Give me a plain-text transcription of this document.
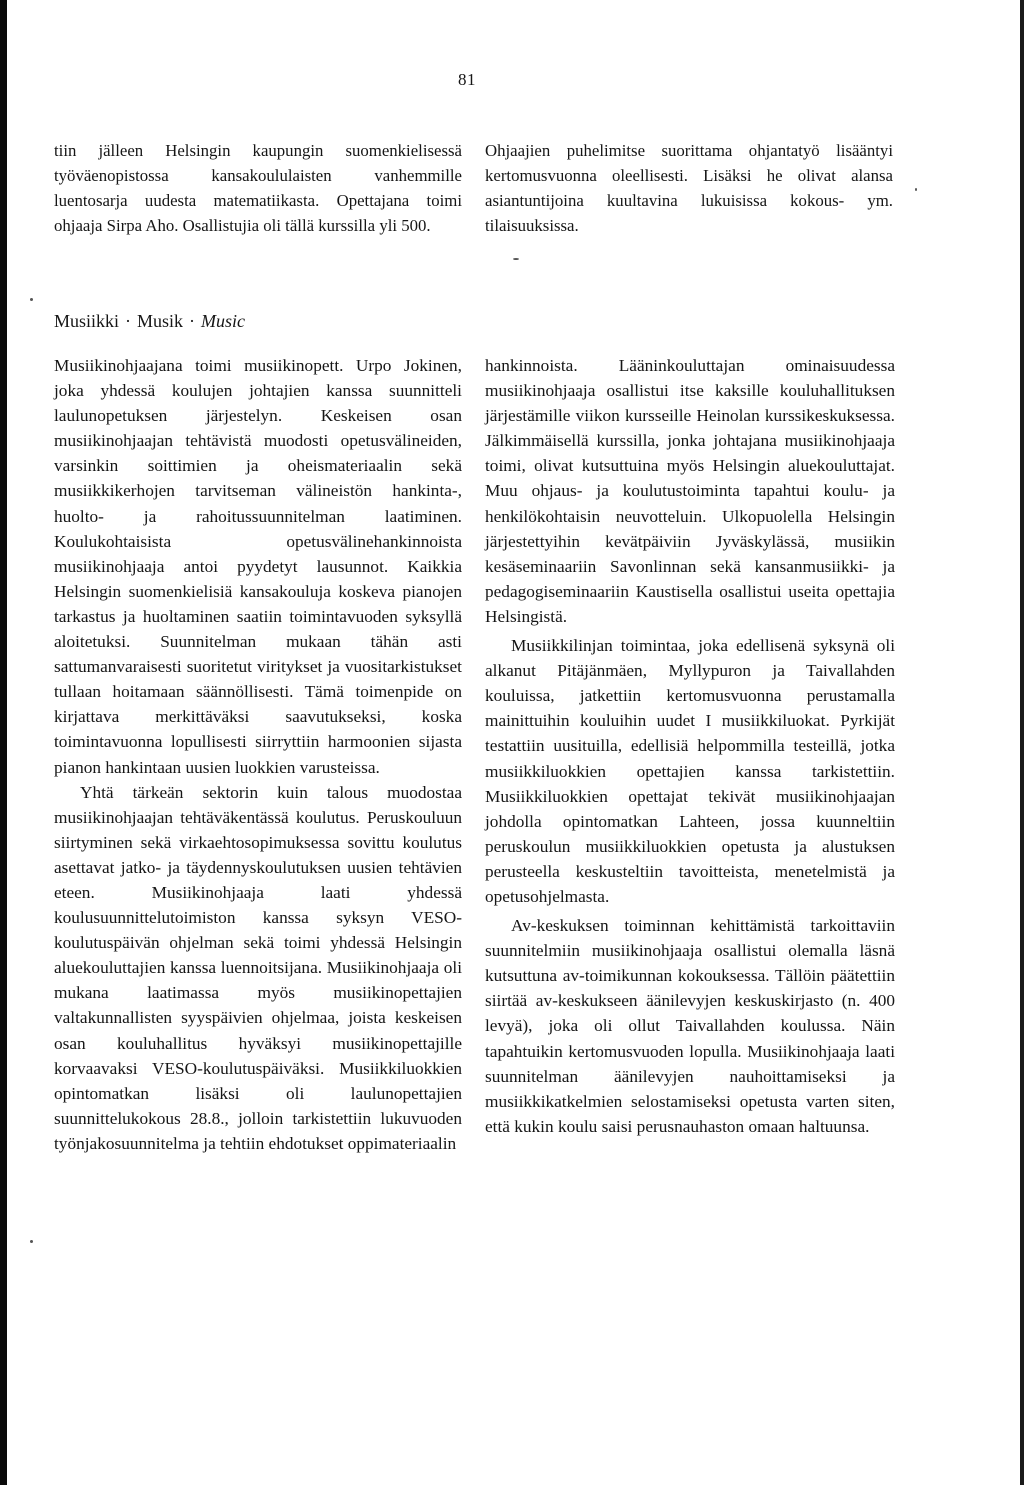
81

tiin jälleen Helsingin kaupungin suomenkielisessä työväenopistossa kansakoululaisten vanhemmille luentosarja uudesta matematiikasta. Opettajana toimi ohjaaja Sirpa Aho. Osallistujia oli tällä kurssilla yli 500.

Ohjaajien puhelimitse suorittama ohjantatyö lisääntyi kertomusvuonna oleellisesti. Lisäksi he olivat alansa asiantuntijoina kuultavina lukuisissa kokous- ym. tilaisuuksissa.

Musiikki · Musik · Music

Musiikinohjaajana toimi musiikinopett. Urpo Jokinen, joka yhdessä koulujen johtajien kanssa suunnitteli laulunopetuksen järjestelyn. Keskeisen osan musiikinohjaajan tehtävistä muodosti opetusvälineiden, varsinkin soittimien ja oheismateriaalin sekä musiikkikerhojen tarvitseman välineistön hankinta-, huolto- ja rahoitussuunnitelman laatiminen. Koulukohtaisista opetusvälinehankinnoista musiikinohjaaja antoi pyydetyt lausunnot. Kaikkia Helsingin suomenkielisiä kansakouluja koskeva pianojen tarkastus ja huoltaminen saatiin toimintavuoden syksyllä aloitetuksi. Suunnitelman mukaan tähän asti sattumanvaraisesti suoritetut viritykset ja vuositarkistukset tullaan hoitamaan säännöllisesti. Tämä toimenpide on kirjattava merkittäväksi saavutukseksi, koska toimintavuonna lopullisesti siirryttiin harmoonien sijasta pianon hankintaan uusien luokkien varusteissa.

Yhtä tärkeän sektorin kuin talous muodostaa musiikinohjaajan tehtäväkentässä koulutus. Peruskouluun siirtyminen sekä virkaehtosopimuksessa sovittu koulutus asettavat jatko- ja täydennyskoulutuksen uusien tehtävien eteen. Musiikinohjaaja laati yhdessä koulusuunnittelutoimiston kanssa syksyn VESO-koulutuspäivän ohjelman sekä toimi yhdessä Helsingin aluekouluttajien kanssa luennoitsijana. Musiikinohjaaja oli mukana laatimassa myös musiikinopettajien valtakunnallisten syyspäivien ohjelmaa, joista keskeisen osan kouluhallitus hyväksyi musiikinopettajille korvaavaksi VESO-koulutuspäiväksi. Musiikkiluokkien opintomatkan lisäksi oli laulunopettajien suunnittelukokous 28.8., jolloin tarkistettiin lukuvuoden työnjakosuunnitelma ja tehtiin ehdotukset oppimateriaalin

hankinnoista. Lääninkouluttajan ominaisuudessa musiikinohjaaja osallistui itse kaksille kouluhallituksen järjestämille viikon kursseille Heinolan kurssikeskuksessa. Jälkimmäisellä kurssilla, jonka johtajana musiikinohjaaja toimi, olivat kutsuttuina myös Helsingin aluekouluttajat. Muu ohjaus- ja koulutustoiminta tapahtui koulu- ja henkilökohtaisin neuvotteluin. Ulkopuolella Helsingin järjestettyihin kevätpäiviin Jyväskylässä, musiikin kesäseminaariin Savonlinnan sekä kansanmusiikki- ja pedagogiseminaariin Kaustisella osallistui useita opettajia Helsingistä.

Musiikkilinjan toimintaa, joka edellisenä syksynä oli alkanut Pitäjänmäen, Myllypuron ja Taivallahden kouluissa, jatkettiin kertomusvuonna perustamalla mainittuihin kouluihin uudet I musiikkiluokat. Pyrkijät testattiin uusituilla, edellisiä helpommilla testeillä, jotka musiikkiluokkien opettajien kanssa tarkistettiin. Musiikkiluokkien opettajat tekivät musiikinohjaajan johdolla opintomatkan Lahteen, jossa kuunneltiin peruskoulun musiikkiluokkien opetusta ja alustuksen perusteella keskusteltiin tavoitteista, menetelmistä ja opetusohjelmasta.

Av-keskuksen toiminnan kehittämistä tarkoittaviin suunnitelmiin musiikinohjaaja osallistui olemalla läsnä kutsuttuna av-toimikunnan kokouksessa. Tällöin päätettiin siirtää av-keskukseen äänilevyjen keskuskirjasto (n. 400 levyä), joka oli ollut Taivallahden koulussa. Näin tapahtuikin kertomusvuoden lopulla. Musiikinohjaaja laati suunnitelman äänilevyjen nauhoittamiseksi ja musiikkikatkelmien selostamiseksi opetusta varten siten, että kukin koulu saisi perusnauhaston omaan haltuunsa.
